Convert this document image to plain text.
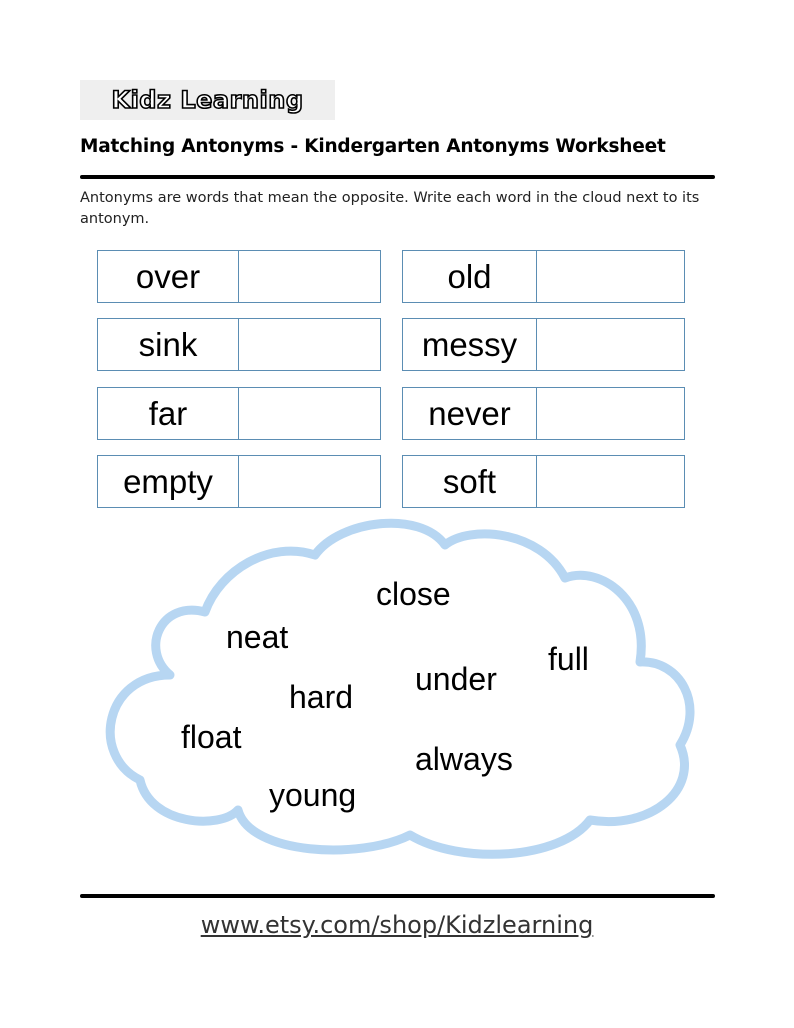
Kidz Learning
Matching Antonyms - Kindergarten Antonyms Worksheet
Antonyms are words that mean the opposite. Write each word in the cloud next to its antonym.
over
sink
far
empty
old
messy
never
soft
close
neat
full
under
hard
float
always
young
www.etsy.com/shop/Kidzlearning
